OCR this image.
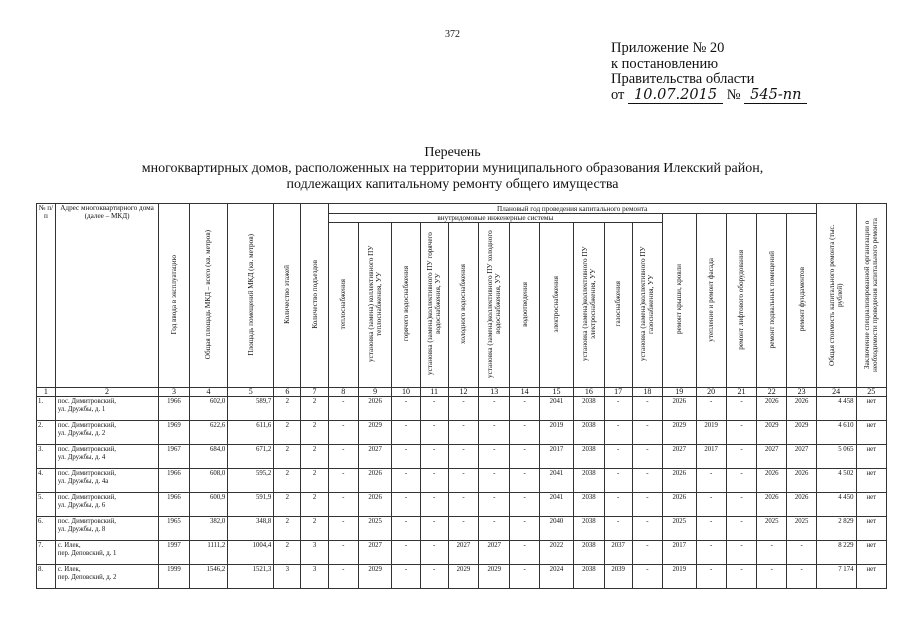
372
Приложение № 20
к постановлению
Правительства области
от 10.07.2015 № 545-пп
Перечень
многоквартирных домов, расположенных на территории муниципального образования Илекский район,
подлежащих капитальному ремонту общего имущества
№ п/п	Адрес многоквартирного дома (далее – МКД)	Год ввода в эксплуатацию	Общая площадь МКД – всего (кв. метров)	Площадь помещений МКД (кв. метров)	Количество этажей	Количество подъездов	Плановый год проведения капитального ремонта																Общая стоимость капитального ремонта (тыс. рублей)	Заключение специализированной организации о необходимости проведения капитального ремонта
							внутридомовые инженерные системы											ремонт крыши, кровли	утепление и ремонт фасада	ремонт лифтового оборудования	ремонт подвальных помещений	ремонт фундаментов		
							теплоснабжения	установка (замена) коллективного ПУ теплоснабжения, УУ	горячего водоснабжения	установка (замена)коллективного ПУ горячего водоснабжения, УУ	холодного водоснабжения	установка (замена)коллективного ПУ холодного водоснабжения, УУ	водоотведения	электроснабжения	установка (замена)коллективного ПУ электроснабжения, УУ	газоснабжения	установка (замена)коллективного ПУ газоснабжения, УУ							
1	2	3	4	5	6	7	8	9	10	11	12	13	14	15	16	17	18	19	20	21	22	23	24	25
1.	пос. Димитровский,
ул. Дружбы, д. 1	1966	602,0	589,7	2	2	-	2026	-	-	-	-	-	2041	2038	-	-	2026	-	-	2026	2026	4 458	нет
2.	пос. Димитровский,
ул. Дружбы, д. 2	1969	622,6	611,6	2	2	-	2029	-	-	-	-	-	2019	2038	-	-	2029	2019	-	2029	2029	4 610	нет
3.	пос. Димитровский,
ул. Дружбы, д. 4	1967	684,0	671,2	2	2	-	2027	-	-	-	-	-	2017	2038	-	-	2027	2017	-	2027	2027	5 065	нет
4.	пос. Димитровский,
ул. Дружбы, д. 4а	1966	608,0	595,2	2	2	-	2026	-	-	-	-	-	2041	2038	-	-	2026	-	-	2026	2026	4 502	нет
5.	пос. Димитровский,
ул. Дружбы, д. 6	1966	600,9	591,9	2	2	-	2026	-	-	-	-	-	2041	2038	-	-	2026	-	-	2026	2026	4 450	нет
6.	пос. Димитровский,
ул. Дружбы, д. 8	1965	382,0	348,8	2	2	-	2025	-	-	-	-	-	2040	2038	-	-	2025	-	-	2025	2025	2 829	нет
7.	с. Илек,
пер. Деповский, д. 1	1997	1111,2	1004,4	2	3	-	2027	-	-	2027	2027	-	2022	2038	2037	-	2017	-	-	-	-	8 229	нет
8.	с. Илек,
пер. Деповский, д. 2	1999	1546,2	1521,3	3	3	-	2029	-	-	2029	2029	-	2024	2038	2039	-	2019	-	-	-	-	7 174	нет
